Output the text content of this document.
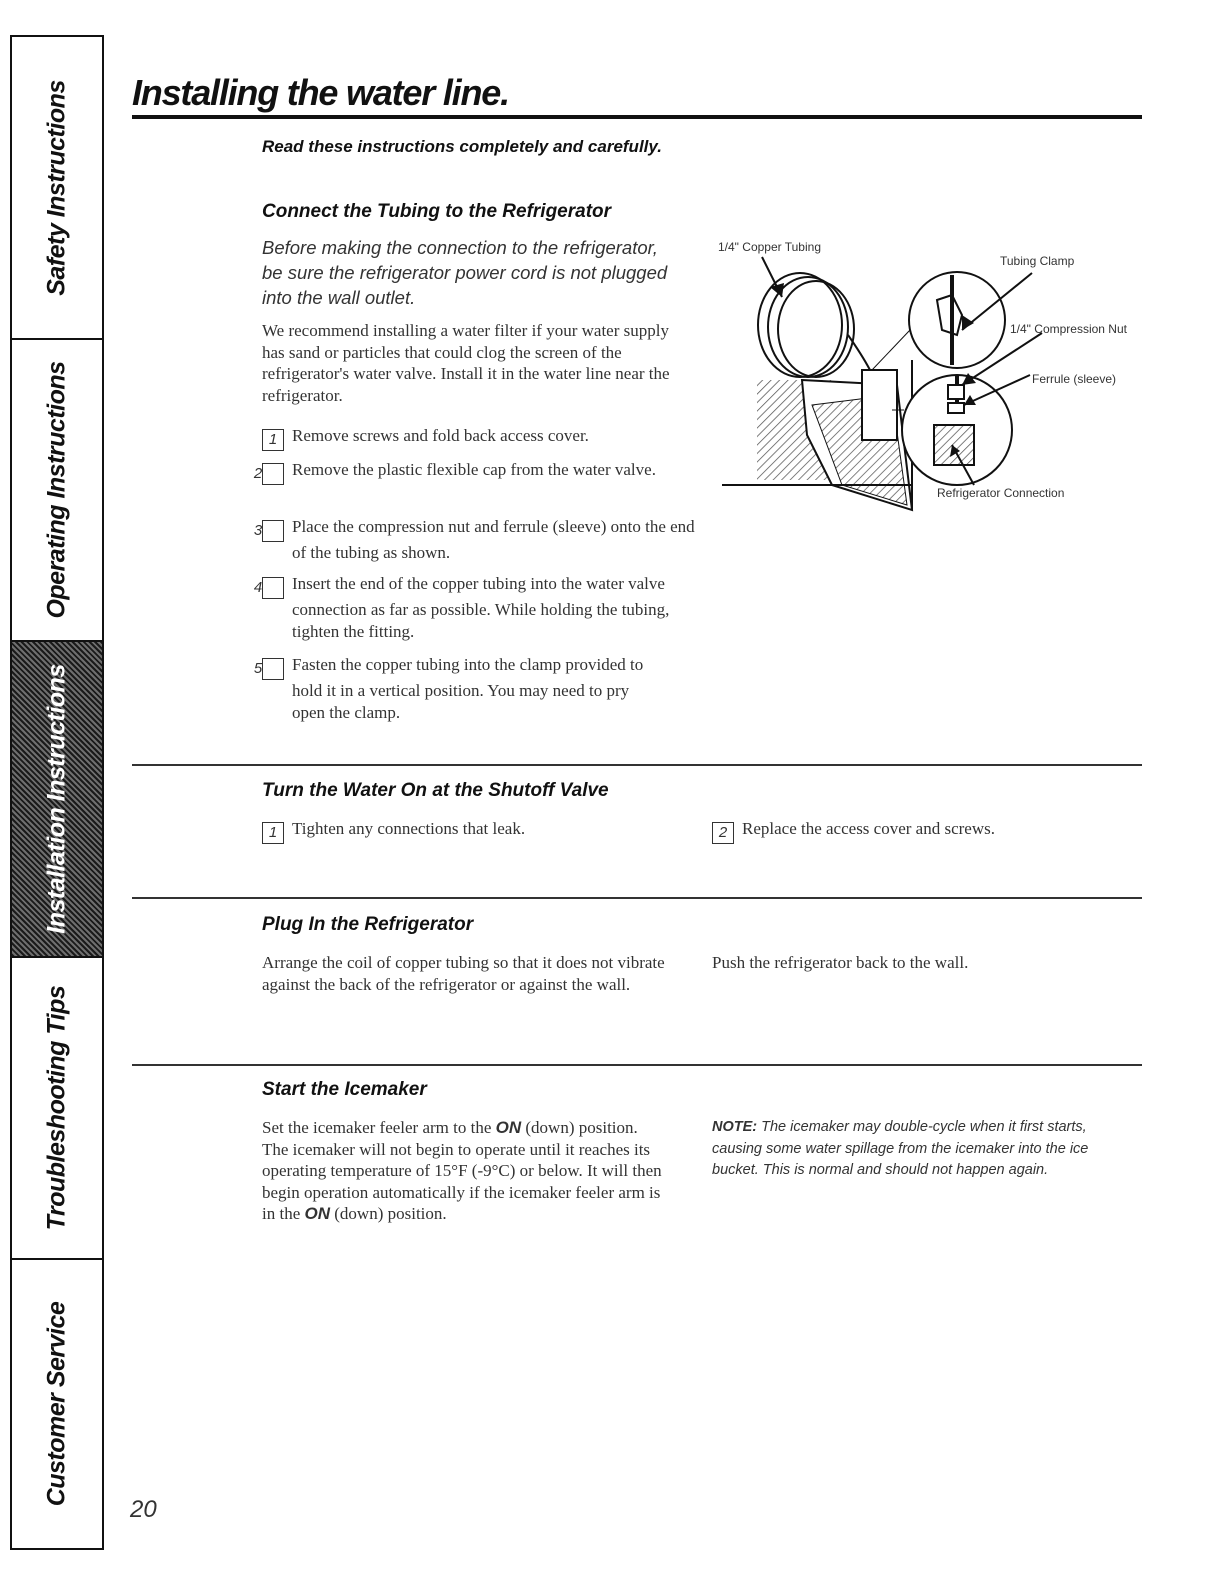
Safety Instructions
Operating Instructions
Installation Instructions
Troubleshooting Tips
Customer Service
Installing the water line.
Read these instructions completely and carefully.
Connect the Tubing to the Refrigerator
Before making the connection to the refrigerator, be sure the refrigerator power cord is not plugged into the wall outlet.
We recommend installing a water filter if your water supply has sand or particles that could clog the screen of the refrigerator's water valve. Install it in the water line near the refrigerator.
1 Remove screws and fold back access cover.
2 Remove the plastic flexible cap from the water valve.
3 Place the compression nut and ferrule (sleeve) onto the end of the tubing as shown.
4 Insert the end of the copper tubing into the water valve connection as far as possible. While holding the tubing, tighten the fitting.
5 Fasten the copper tubing into the clamp provided to hold it in a vertical position. You may need to pry open the clamp.
1/4" Copper Tubing
Tubing Clamp
1/4" Compression Nut
Ferrule (sleeve)
Refrigerator Connection
Turn the Water On at the Shutoff Valve
1 Tighten any connections that leak.	2 Replace the access cover and screws.
Plug In the Refrigerator
Arrange the coil of copper tubing so that it does not vibrate against the back of the refrigerator or against the wall.
Push the refrigerator back to the wall.
Start the Icemaker
Set the icemaker feeler arm to the ON (down) position. The icemaker will not begin to operate until it reaches its operating temperature of 15°F (-9°C) or below. It will then begin operation automatically if the icemaker feeler arm is in the ON (down) position.
NOTE: The icemaker may double-cycle when it first starts, causing some water spillage from the icemaker into the ice bucket. This is normal and should not happen again.
20
